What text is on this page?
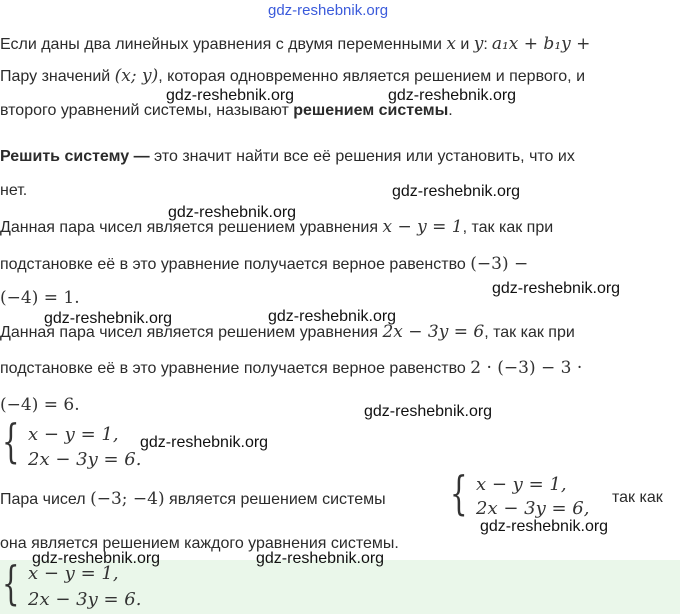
gdz-reshebnik.org
Если даны два линейных уравнения с двумя переменными x и y: a₁x + b₁y +
Пару значений (x; y), которая одновременно является решением и первого, и
gdz-reshebnik.org	gdz-reshebnik.org
второго уравнений системы, называют решением системы.
Решить систему — это значит найти все её решения или установить, что их
нет.	gdz-reshebnik.org
gdz-reshebnik.org
Данная пара чисел является решением уравнения x − y = 1, так как при
подстановке её в это уравнение получается верное равенство (−3) −
(−4) = 1.	gdz-reshebnik.org
gdz-reshebnik.org	gdz-reshebnik.org
Данная пара чисел является решением уравнения 2x − 3y = 6, так как при
подстановке её в это уравнение получается верное равенство 2 · (−3) − 3 ·
(−4) = 6.	gdz-reshebnik.org
{ x − y = 1,
2x − 3y = 6.
gdz-reshebnik.org
Пара чисел (−3; −4) является решением системы { x − y = 1,
2x − 3y = 6,
так как
gdz-reshebnik.org
она является решением каждого уравнения системы.
gdz-reshebnik.org	gdz-reshebnik.org
{ x − y = 1,
2x − 3y = 6.
